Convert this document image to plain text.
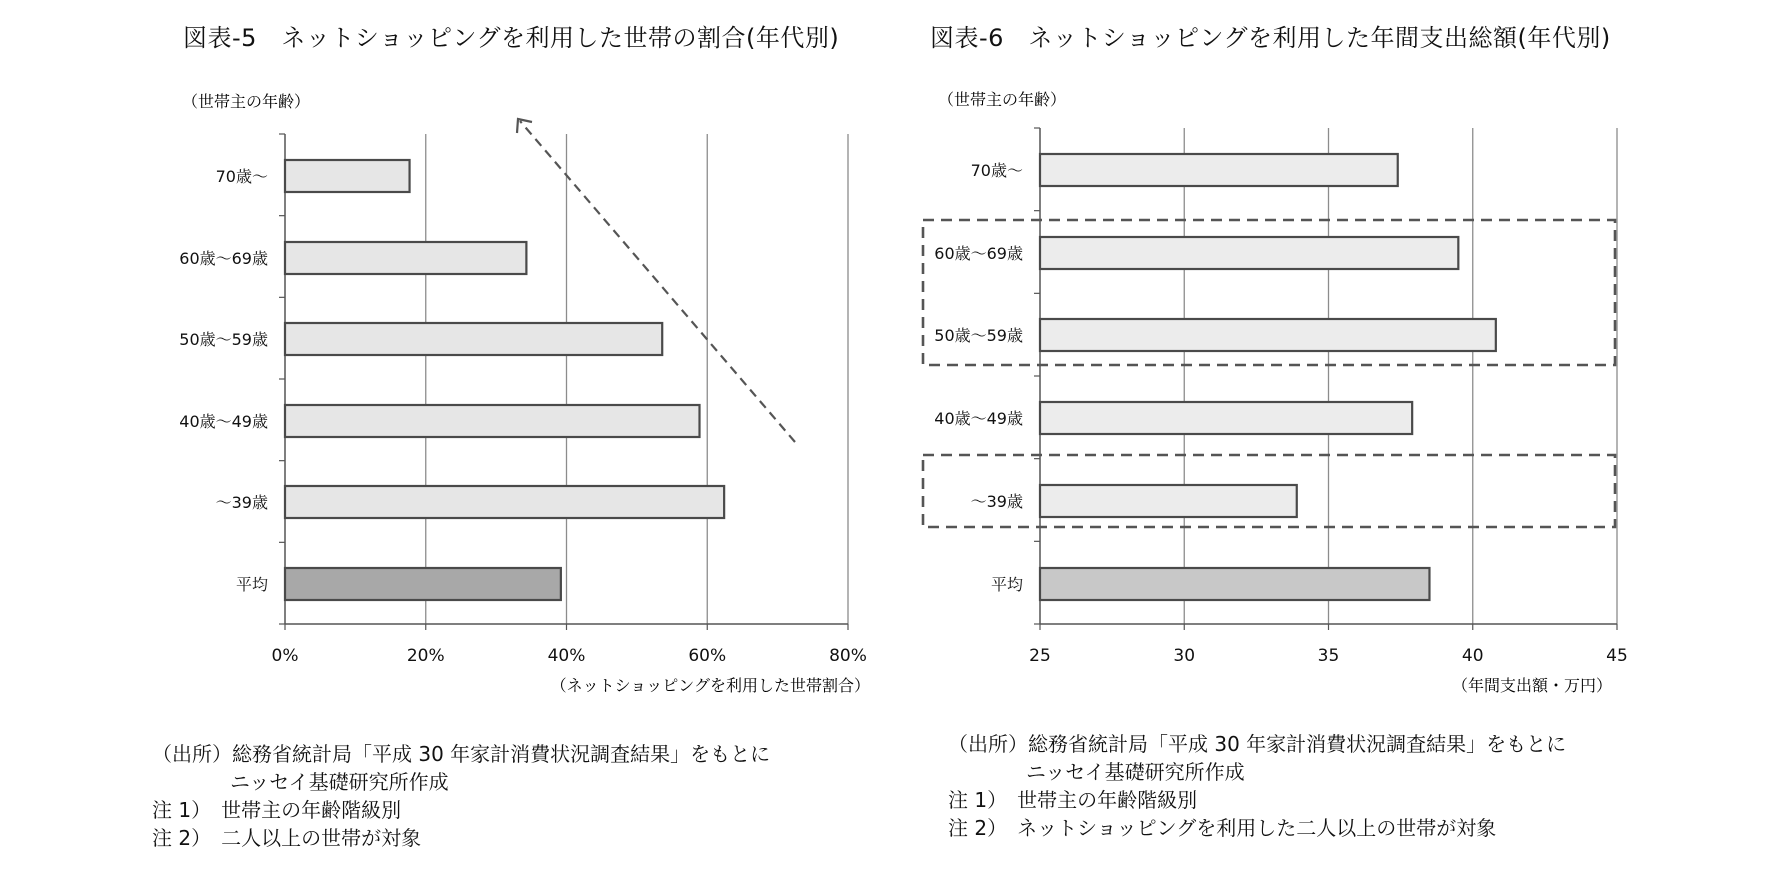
図表-5　ネットショッピングを利用した世帯の割合(年代別)	図表-6　ネットショッピングを利用した年間支出総額(年代別)
（世帯主の年齢）
（ネットショッピングを利用した世帯割合）
70歳～
60歳～69歳
50歳～59歳
40歳～49歳
～39歳
平均
0%	20%	40%	60%	80%
（世帯主の年齢）
（年間支出額・万円）
70歳～
60歳～69歳
50歳～59歳
40歳～49歳
～39歳
平均
25	30	35	40	45
（出所）総務省統計局「平成 30 年家計消費状況調査結果」をもとに
ニッセイ基礎研究所作成
注 1）　世帯主の年齢階級別
注 2）　二人以上の世帯が対象
（出所）総務省統計局「平成 30 年家計消費状況調査結果」をもとに
ニッセイ基礎研究所作成
注 1）　世帯主の年齢階級別
注 2）　ネットショッピングを利用した二人以上の世帯が対象
